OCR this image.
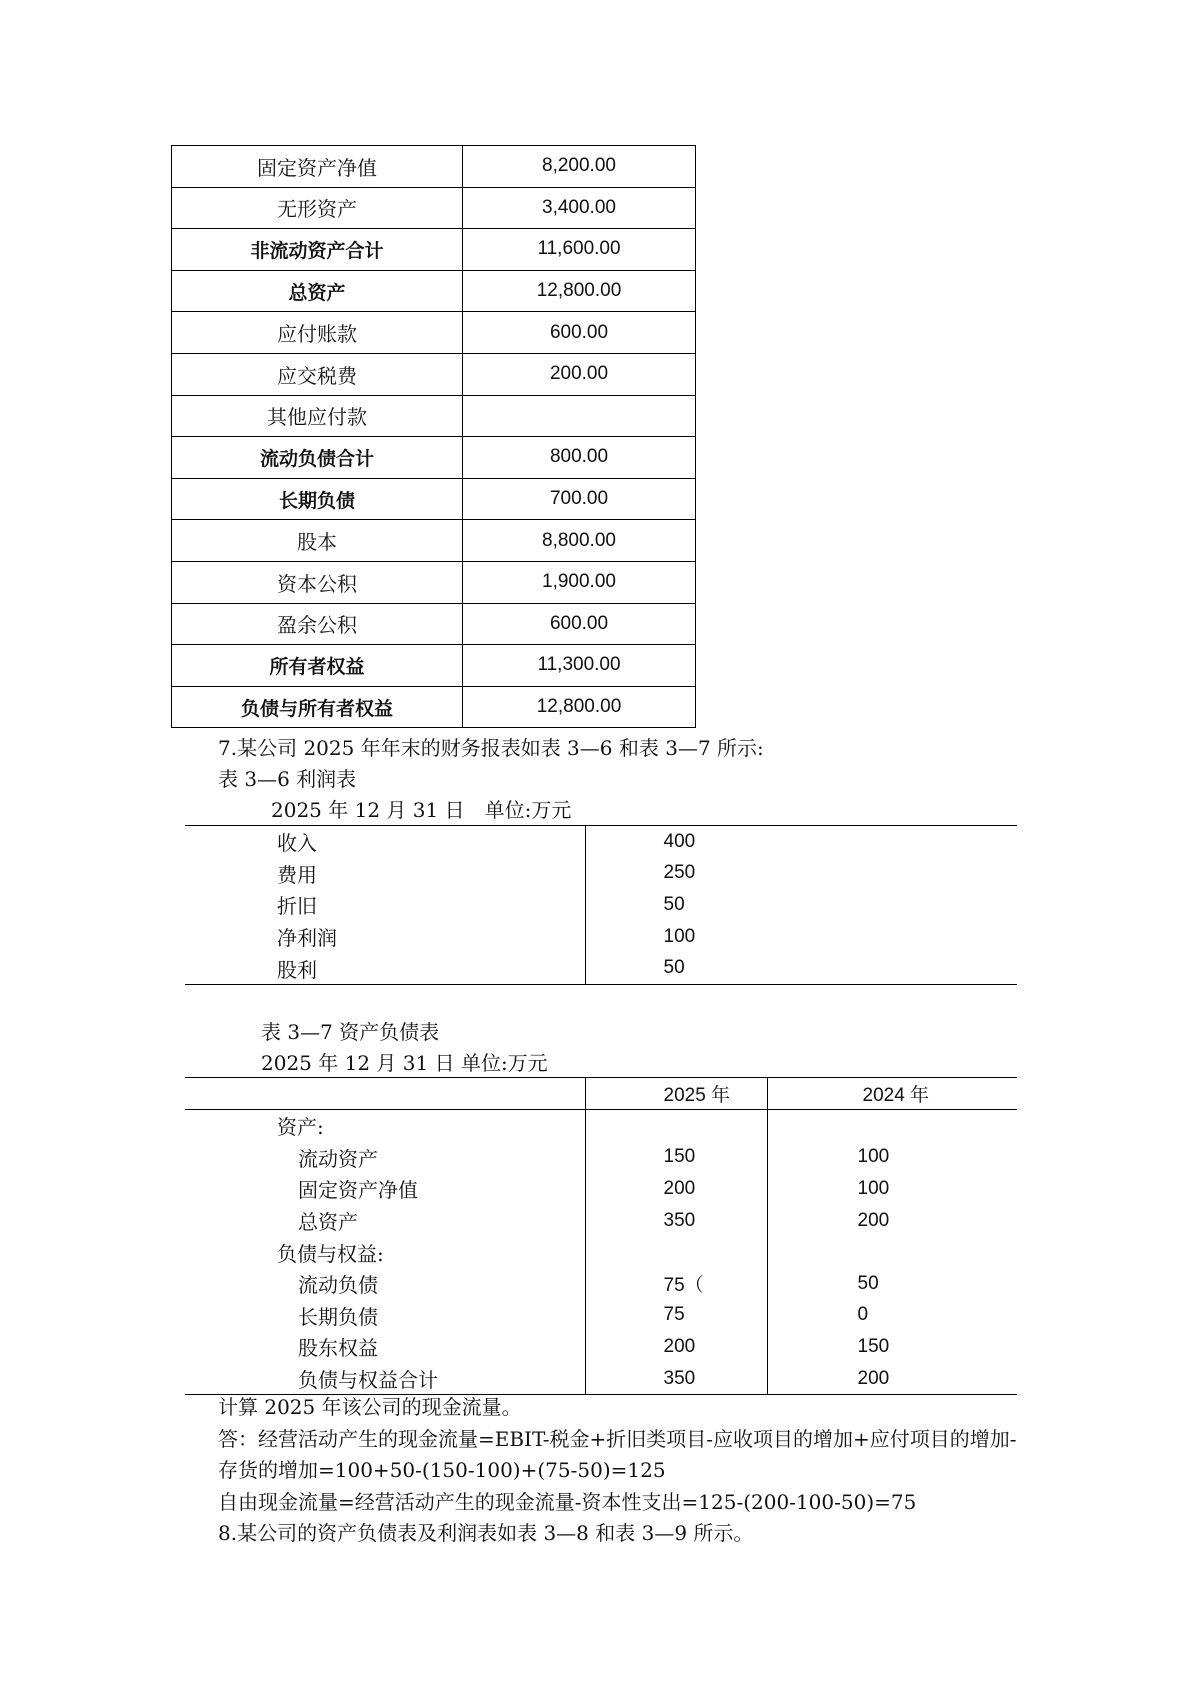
固定资产净值	8,200.00
无形资产	3,400.00
非流动资产合计	11,600.00
总资产	12,800.00
应付账款	600.00
应交税费	200.00
其他应付款	
流动负债合计	800.00
长期负债	700.00
股本	8,800.00
资本公积	1,900.00
盈余公积	600.00
所有者权益	11,300.00
负债与所有者权益	12,800.00
7.某公司 2025 年年末的财务报表如表 3—6 和表 3—7 所示:
表 3—6 利润表
2025 年 12 月 31 日　单位:万元
收入	400
费用	250
折旧	50
净利润	100
股利	50
表 3—7 资产负债表
2025 年 12 月 31 日 单位:万元
	2025 年	2024 年

资产:		

流动资产	150	100

固定资产净值	200	100

总资产	350	200

负债与权益:		

流动负债	75（	50

长期负债	75	0

股东权益	200	150

负债与权益合计	350	200
计算 2025 年该公司的现金流量。
答：经营活动产生的现金流量=EBIT-税金+折旧类项目-应收项目的增加+应付项目的增加-
存货的增加=100+50-(150-100)+(75-50)=125
自由现金流量=经营活动产生的现金流量-资本性支出=125-(200-100-50)=75
8.某公司的资产负债表及利润表如表 3—8 和表 3—9 所示。
